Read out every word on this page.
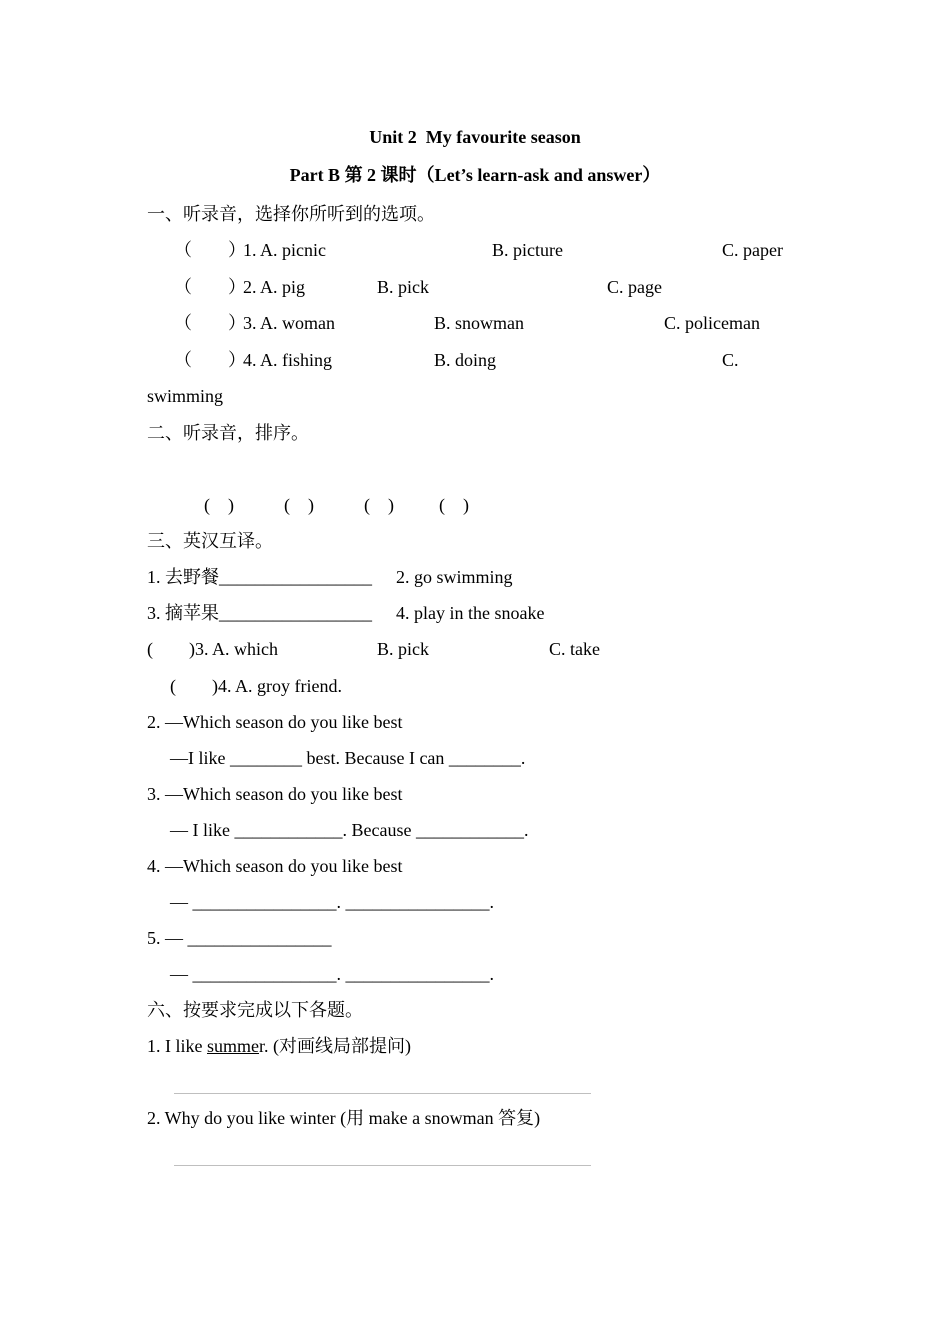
Unit 2  My favourite season
Part B 第 2 课时（Let’s learn-ask and answer）
一、听录音，选择你所听到的选项。
（        ）
1. A. picnic	B. picture	C. paper
（        ）
2. A. pig	B. pick	C. page
（        ）
3. A. woman	B. snowman	C. policeman
（        ）
4. A. fishing	B. doing	C.
swimming
二、听录音，排序。
(    )	(    )	(    )	(    )
三、英汉互译。
1. 去野餐_________________ 2. go swimming
3. 摘苹果_________________ 4. play in the snoake
(        )3. A. which	B. pick	C. take
(        )4. A. groy friend.
2. —Which season do you like best
—I like ________ best. Because I can ________.
3. —Which season do you like best
— I like ____________. Because ____________.
4. —Which season do you like best
— ________________. ________________.
5. — ________________
— ________________. ________________.
六、按要求完成以下各题。
1. I like summer. (对画线局部提问)
2. Why do you like winter (用 make a snowman 答复)
